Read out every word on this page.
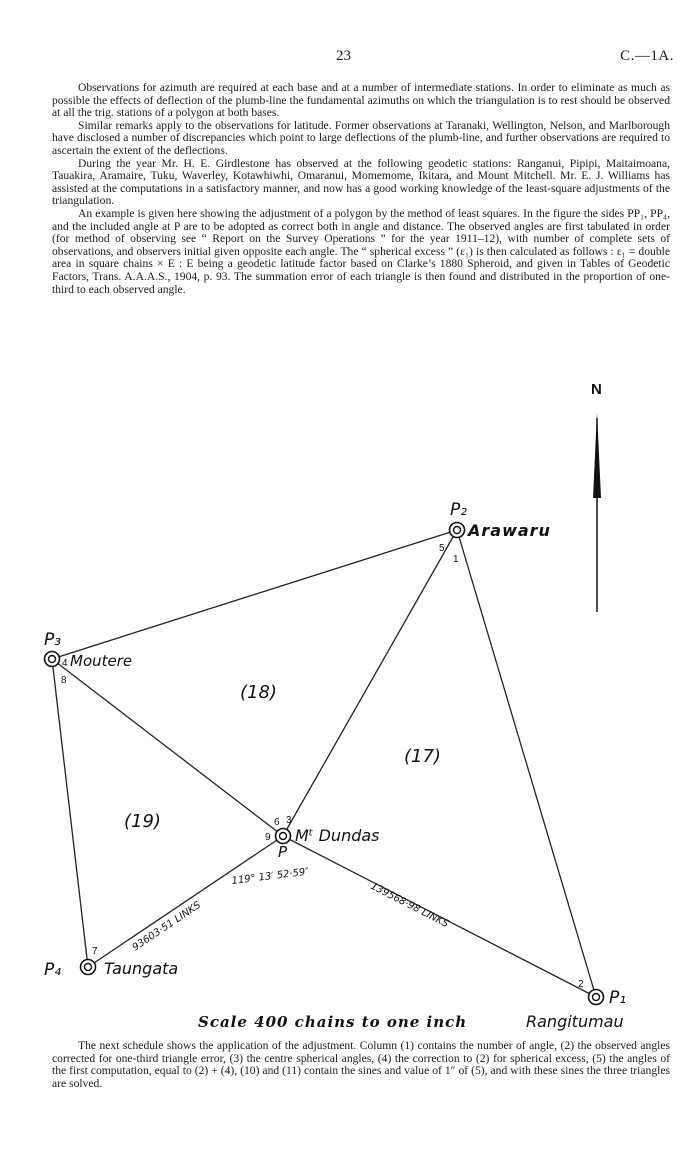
23	C.—1A.

Observations for azimuth are required at each base and at a number of intermediate stations. In order to eliminate as much as possible the effects of deflection of the plumb-line the fundamental azimuths on which the triangulation is to rest should be observed at all the trig. stations of a polygon at both bases.

Similar remarks apply to the observations for latitude. Former observations at Taranaki, Wellington, Nelson, and Marlborough have disclosed a number of discrepancies which point to large deflections of the plumb-line, and further observations are required to ascertain the extent of the deflections.

During the year Mr. H. E. Girdlestone has observed at the following geodetic stations: Ranganui, Pipipi, Maitaimoana, Tauakira, Aramaire, Tuku, Waverley, Kotawhiwhi, Omaranui, Momemome, Ikitara, and Mount Mitchell. Mr. E. J. Williams has assisted at the computations in a satisfactory manner, and now has a good working knowledge of the least-square adjustments of the triangulation.

An example is given here showing the adjustment of a polygon by the method of least squares. In the figure the sides PP₁, PP₄, and the included angle at P are to be adopted as correct both in angle and distance. The observed angles are first tabulated in order (for method of observing see “ Report on the Survey Operations ” for the year 1911–12), with number of complete sets of observations, and observers initial given opposite each angle. The “ spherical excess ” (ε₁) is then calculated as follows : ε₁ = double area in square chains × E : E being a geodetic latitude factor based on Clarke’s 1880 Spheroid, and given in Tables of Geodetic Factors, Trans. A.A.A.S., 1904, p. 93. The summation error of each triangle is then found and distributed in the proportion of one-third to each observed angle.

N
P₂
Arawaru
P₃
Moutere
Mᵗ Dundas
P
P₄	Taungata
P₁
Rangitumau
1
2
3
4
5
6
7
8
9
(17)
(18)
(19)
93603·51 LINKS	139568·98 LINKS
119° 13′ 52·59″
Scale 400 chains to one inch

The next schedule shows the application of the adjustment. Column (1) contains the number of angle, (2) the observed angles corrected for one-third triangle error, (3) the centre spherical angles, (4) the correction to (2) for spherical excess, (5) the angles of the first computation, equal to (2) + (4), (10) and (11) contain the sines and value of 1″ of (5), and with these sines the three triangles are solved.
